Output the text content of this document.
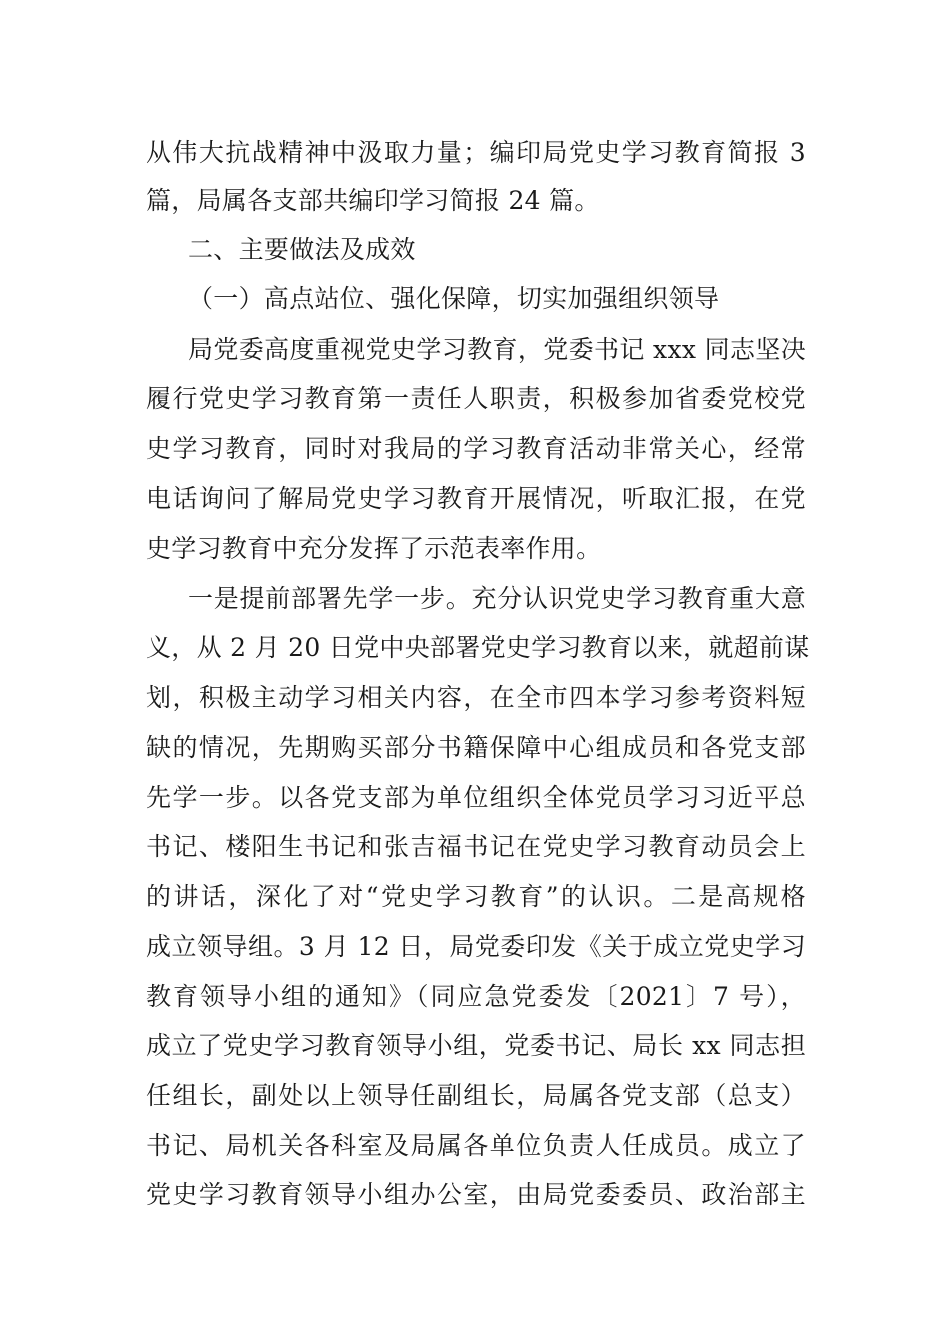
从伟大抗战精神中汲取力量；编印局党史学习教育简报 3
篇，局属各支部共编印学习简报 24 篇。
二、主要做法及成效
（一）高点站位、强化保障，切实加强组织领导
局党委高度重视党史学习教育，党委书记 xxx 同志坚决
履行党史学习教育第一责任人职责，积极参加省委党校党
史学习教育，同时对我局的学习教育活动非常关心，经常
电话询问了解局党史学习教育开展情况，听取汇报，在党
史学习教育中充分发挥了示范表率作用。
一是提前部署先学一步。充分认识党史学习教育重大意
义，从 2 月 20 日党中央部署党史学习教育以来，就超前谋
划，积极主动学习相关内容，在全市四本学习参考资料短
缺的情况，先期购买部分书籍保障中心组成员和各党支部
先学一步。以各党支部为单位组织全体党员学习习近平总
书记、楼阳生书记和张吉福书记在党史学习教育动员会上
的讲话，深化了对“党史学习教育”的认识。二是高规格
成立领导组。3 月 12 日，局党委印发《关于成立党史学习
教育领导小组的通知》（同应急党委发〔2021〕7 号），
成立了党史学习教育领导小组，党委书记、局长 xx 同志担
任组长，副处以上领导任副组长，局属各党支部（总支）
书记、局机关各科室及局属各单位负责人任成员。成立了
党史学习教育领导小组办公室，由局党委委员、政治部主
